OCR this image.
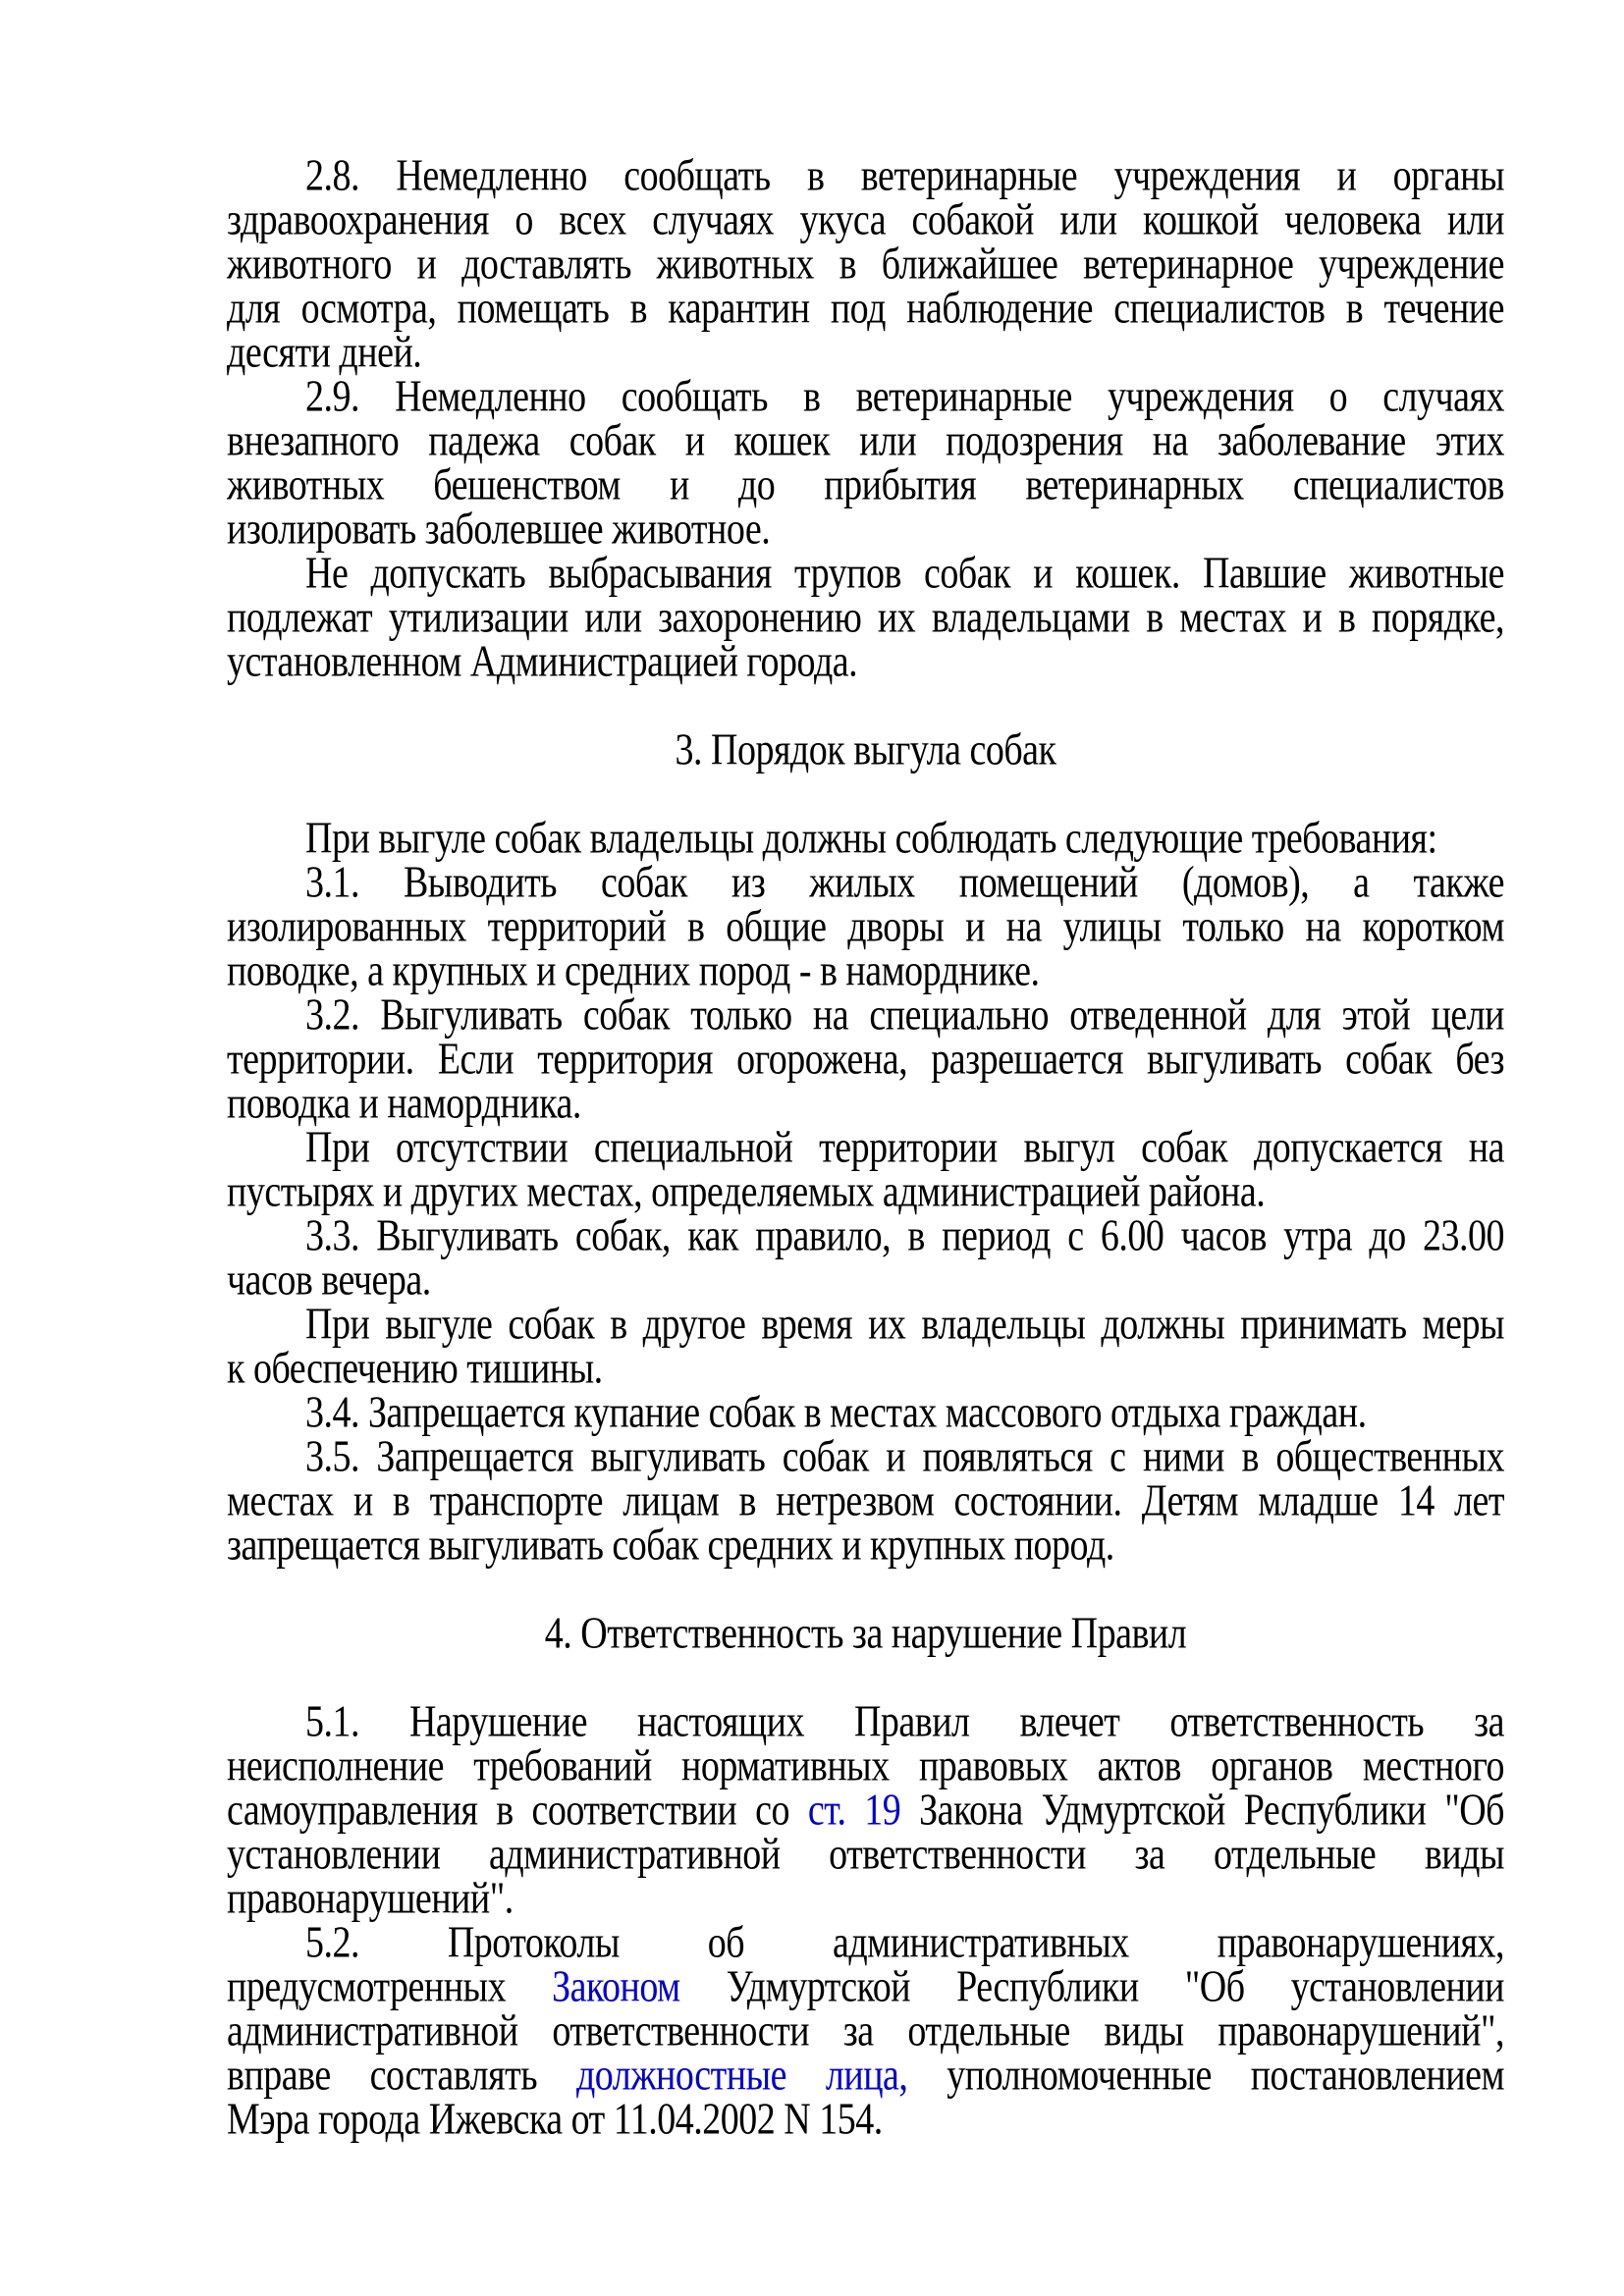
2.8. Немедленно сообщать в ветеринарные учреждения и органы
здравоохранения о всех случаях укуса собакой или кошкой человека или
животного и доставлять животных в ближайшее ветеринарное учреждение
для осмотра, помещать в карантин под наблюдение специалистов в течение
десяти дней.
2.9. Немедленно сообщать в ветеринарные учреждения о случаях
внезапного падежа собак и кошек или подозрения на заболевание этих
животных бешенством и до прибытия ветеринарных специалистов
изолировать заболевшее животное.
Не допускать выбрасывания трупов собак и кошек. Павшие животные
подлежат утилизации или захоронению их владельцами в местах и в порядке,
установленном Администрацией города.
3. Порядок выгула собак
При выгуле собак владельцы должны соблюдать следующие требования:
3.1. Выводить собак из жилых помещений (домов), а также
изолированных территорий в общие дворы и на улицы только на коротком
поводке, а крупных и средних пород - в наморднике.
3.2. Выгуливать собак только на специально отведенной для этой цели
территории. Если территория огорожена, разрешается выгуливать собак без
поводка и намордника.
При отсутствии специальной территории выгул собак допускается на
пустырях и других местах, определяемых администрацией района.
3.3. Выгуливать собак, как правило, в период с 6.00 часов утра до 23.00
часов вечера.
При выгуле собак в другое время их владельцы должны принимать меры
к обеспечению тишины.
3.4. Запрещается купание собак в местах массового отдыха граждан.
3.5. Запрещается выгуливать собак и появляться с ними в общественных
местах и в транспорте лицам в нетрезвом состоянии. Детям младше 14 лет
запрещается выгуливать собак средних и крупных пород.
4. Ответственность за нарушение Правил
5.1. Нарушение настоящих Правил влечет ответственность за
неисполнение требований нормативных правовых актов органов местного
самоуправления в соответствии со ст. 19 Закона Удмуртской Республики "Об
установлении административной ответственности за отдельные виды
правонарушений".
5.2. Протоколы об административных правонарушениях,
предусмотренных Законом Удмуртской Республики "Об установлении
административной ответственности за отдельные виды правонарушений",
вправе составлять должностные лица, уполномоченные постановлением
Мэра города Ижевска от 11.04.2002 N 154.
